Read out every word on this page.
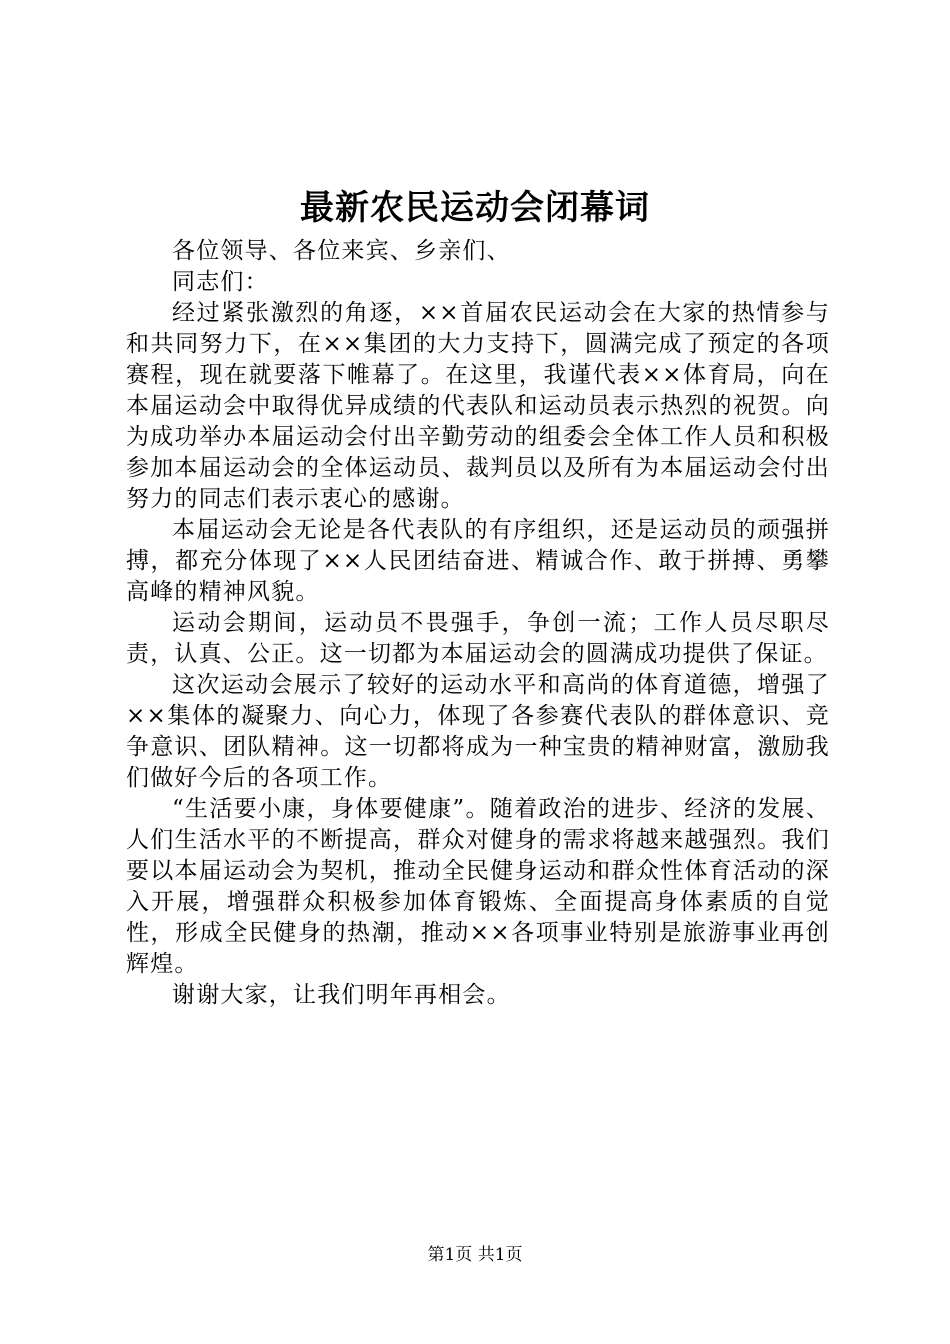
最新农民运动会闭幕词

各位领导、各位来宾、乡亲们、

同志们：

经过紧张激烈的角逐，××首届农民运动会在大家的热情参与和共同努力下，在××集团的大力支持下，圆满完成了预定的各项赛程，现在就要落下帷幕了。在这里，我谨代表××体育局，向在本届运动会中取得优异成绩的代表队和运动员表示热烈的祝贺。向为成功举办本届运动会付出辛勤劳动的组委会全体工作人员和积极参加本届运动会的全体运动员、裁判员以及所有为本届运动会付出努力的同志们表示衷心的感谢。

本届运动会无论是各代表队的有序组织，还是运动员的顽强拼搏，都充分体现了××人民团结奋进、精诚合作、敢于拼搏、勇攀高峰的精神风貌。

运动会期间，运动员不畏强手，争创一流；工作人员尽职尽责，认真、公正。这一切都为本届运动会的圆满成功提供了保证。

这次运动会展示了较好的运动水平和高尚的体育道德，增强了××集体的凝聚力、向心力，体现了各参赛代表队的群体意识、竞争意识、团队精神。这一切都将成为一种宝贵的精神财富，激励我们做好今后的各项工作。

“生活要小康，身体要健康”。随着政治的进步、经济的发展、人们生活水平的不断提高，群众对健身的需求将越来越强烈。我们要以本届运动会为契机，推动全民健身运动和群众性体育活动的深入开展，增强群众积极参加体育锻炼、全面提高身体素质的自觉性，形成全民健身的热潮，推动××各项事业特别是旅游事业再创辉煌。

谢谢大家，让我们明年再相会。

第1页 共1页
